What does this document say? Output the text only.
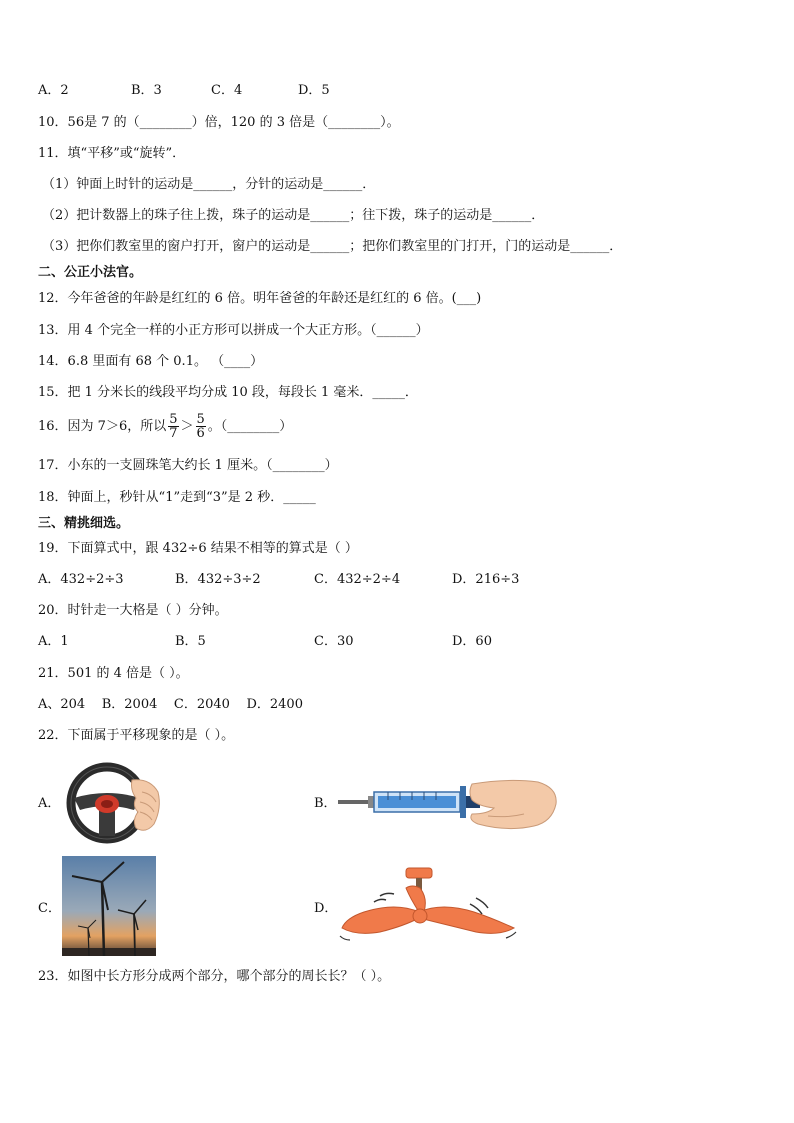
A．2	B．3	C．4	D．5
10．56是 7 的（________）倍，120 的 3 倍是（________）。
11．填“平移”或“旋转”．
（1）钟面上时针的运动是______，分针的运动是______．
（2）把计数器上的珠子往上拨，珠子的运动是______；往下拨，珠子的运动是______．
（3）把你们教室里的窗户打开，窗户的运动是______；把你们教室里的门打开，门的运动是______．
二、公正小法官。
12．今年爸爸的年龄是红红的 6 倍。明年爸爸的年龄还是红红的 6 倍。(___)
13．用 4 个完全一样的小正方形可以拼成一个大正方形。（______）
14．6.8 里面有 68 个 0.1。 （____）
15．把 1 分米长的线段平均分成 10 段，每段长 1 毫米．_____．
16．因为 7＞6，所以 $\frac{5}{7} > \frac{5}{6}$ 。（________）
17．小东的一支圆珠笔大约长 1 厘米。（________）
18．钟面上，秒针从“1”走到“3”是 2 秒．_____
三、精挑细选。
19．下面算式中，跟 432÷6 结果不相等的算式是（ ）
A．432÷2÷3	B．432÷3÷2	C．432÷2÷4	D．216÷3
20．时针走一大格是（ ）分钟。
A．1	B．5	C．30	D．60
21．501 的 4 倍是（ ）。
A、204    B．2004    C．2040    D．2400
22．下面属于平移现象的是（ ）。
A．	B．
C．	D．
23．如图中长方形分成两个部分，哪个部分的周长长？（ ）。
